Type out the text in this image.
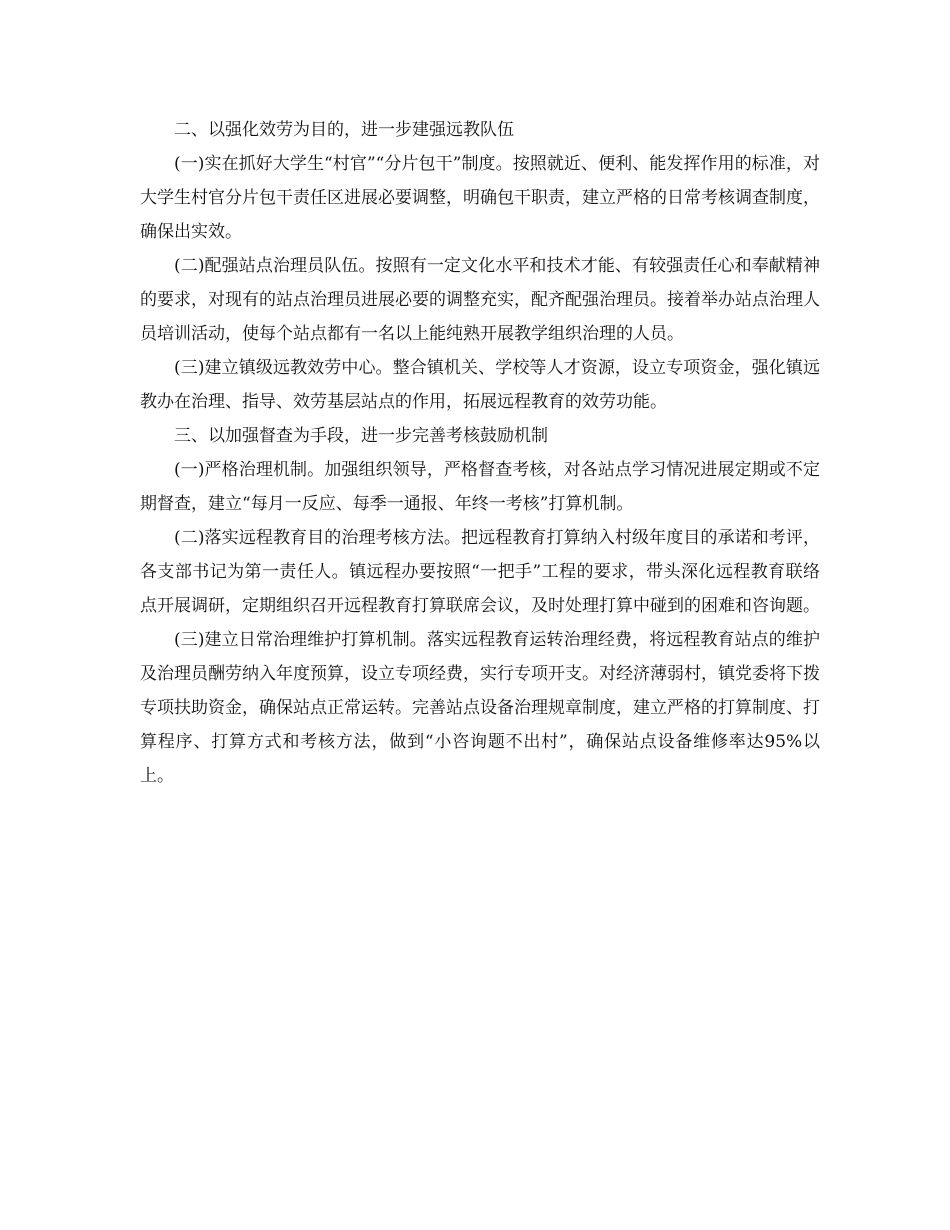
二、以强化效劳为目的，进一步建强远教队伍

(一)实在抓好大学生“村官”“分片包干”制度。按照就近、便利、能发挥作用的标准，对大学生村官分片包干责任区进展必要调整，明确包干职责，建立严格的日常考核调查制度，确保出实效。

(二)配强站点治理员队伍。按照有一定文化水平和技术才能、有较强责任心和奉献精神的要求，对现有的站点治理员进展必要的调整充实，配齐配强治理员。接着举办站点治理人员培训活动，使每个站点都有一名以上能纯熟开展教学组织治理的人员。

(三)建立镇级远教效劳中心。整合镇机关、学校等人才资源，设立专项资金，强化镇远教办在治理、指导、效劳基层站点的作用，拓展远程教育的效劳功能。

三、以加强督查为手段，进一步完善考核鼓励机制

(一)严格治理机制。加强组织领导，严格督查考核，对各站点学习情况进展定期或不定期督查，建立“每月一反应、每季一通报、年终一考核”打算机制。

(二)落实远程教育目的治理考核方法。把远程教育打算纳入村级年度目的承诺和考评，各支部书记为第一责任人。镇远程办要按照“一把手”工程的要求，带头深化远程教育联络点开展调研，定期组织召开远程教育打算联席会议，及时处理打算中碰到的困难和咨询题。

(三)建立日常治理维护打算机制。落实远程教育运转治理经费，将远程教育站点的维护及治理员酬劳纳入年度预算，设立专项经费，实行专项开支。对经济薄弱村，镇党委将下拨专项扶助资金，确保站点正常运转。完善站点设备治理规章制度，建立严格的打算制度、打算程序、打算方式和考核方法，做到“小咨询题不出村”，确保站点设备维修率达95%以上。
